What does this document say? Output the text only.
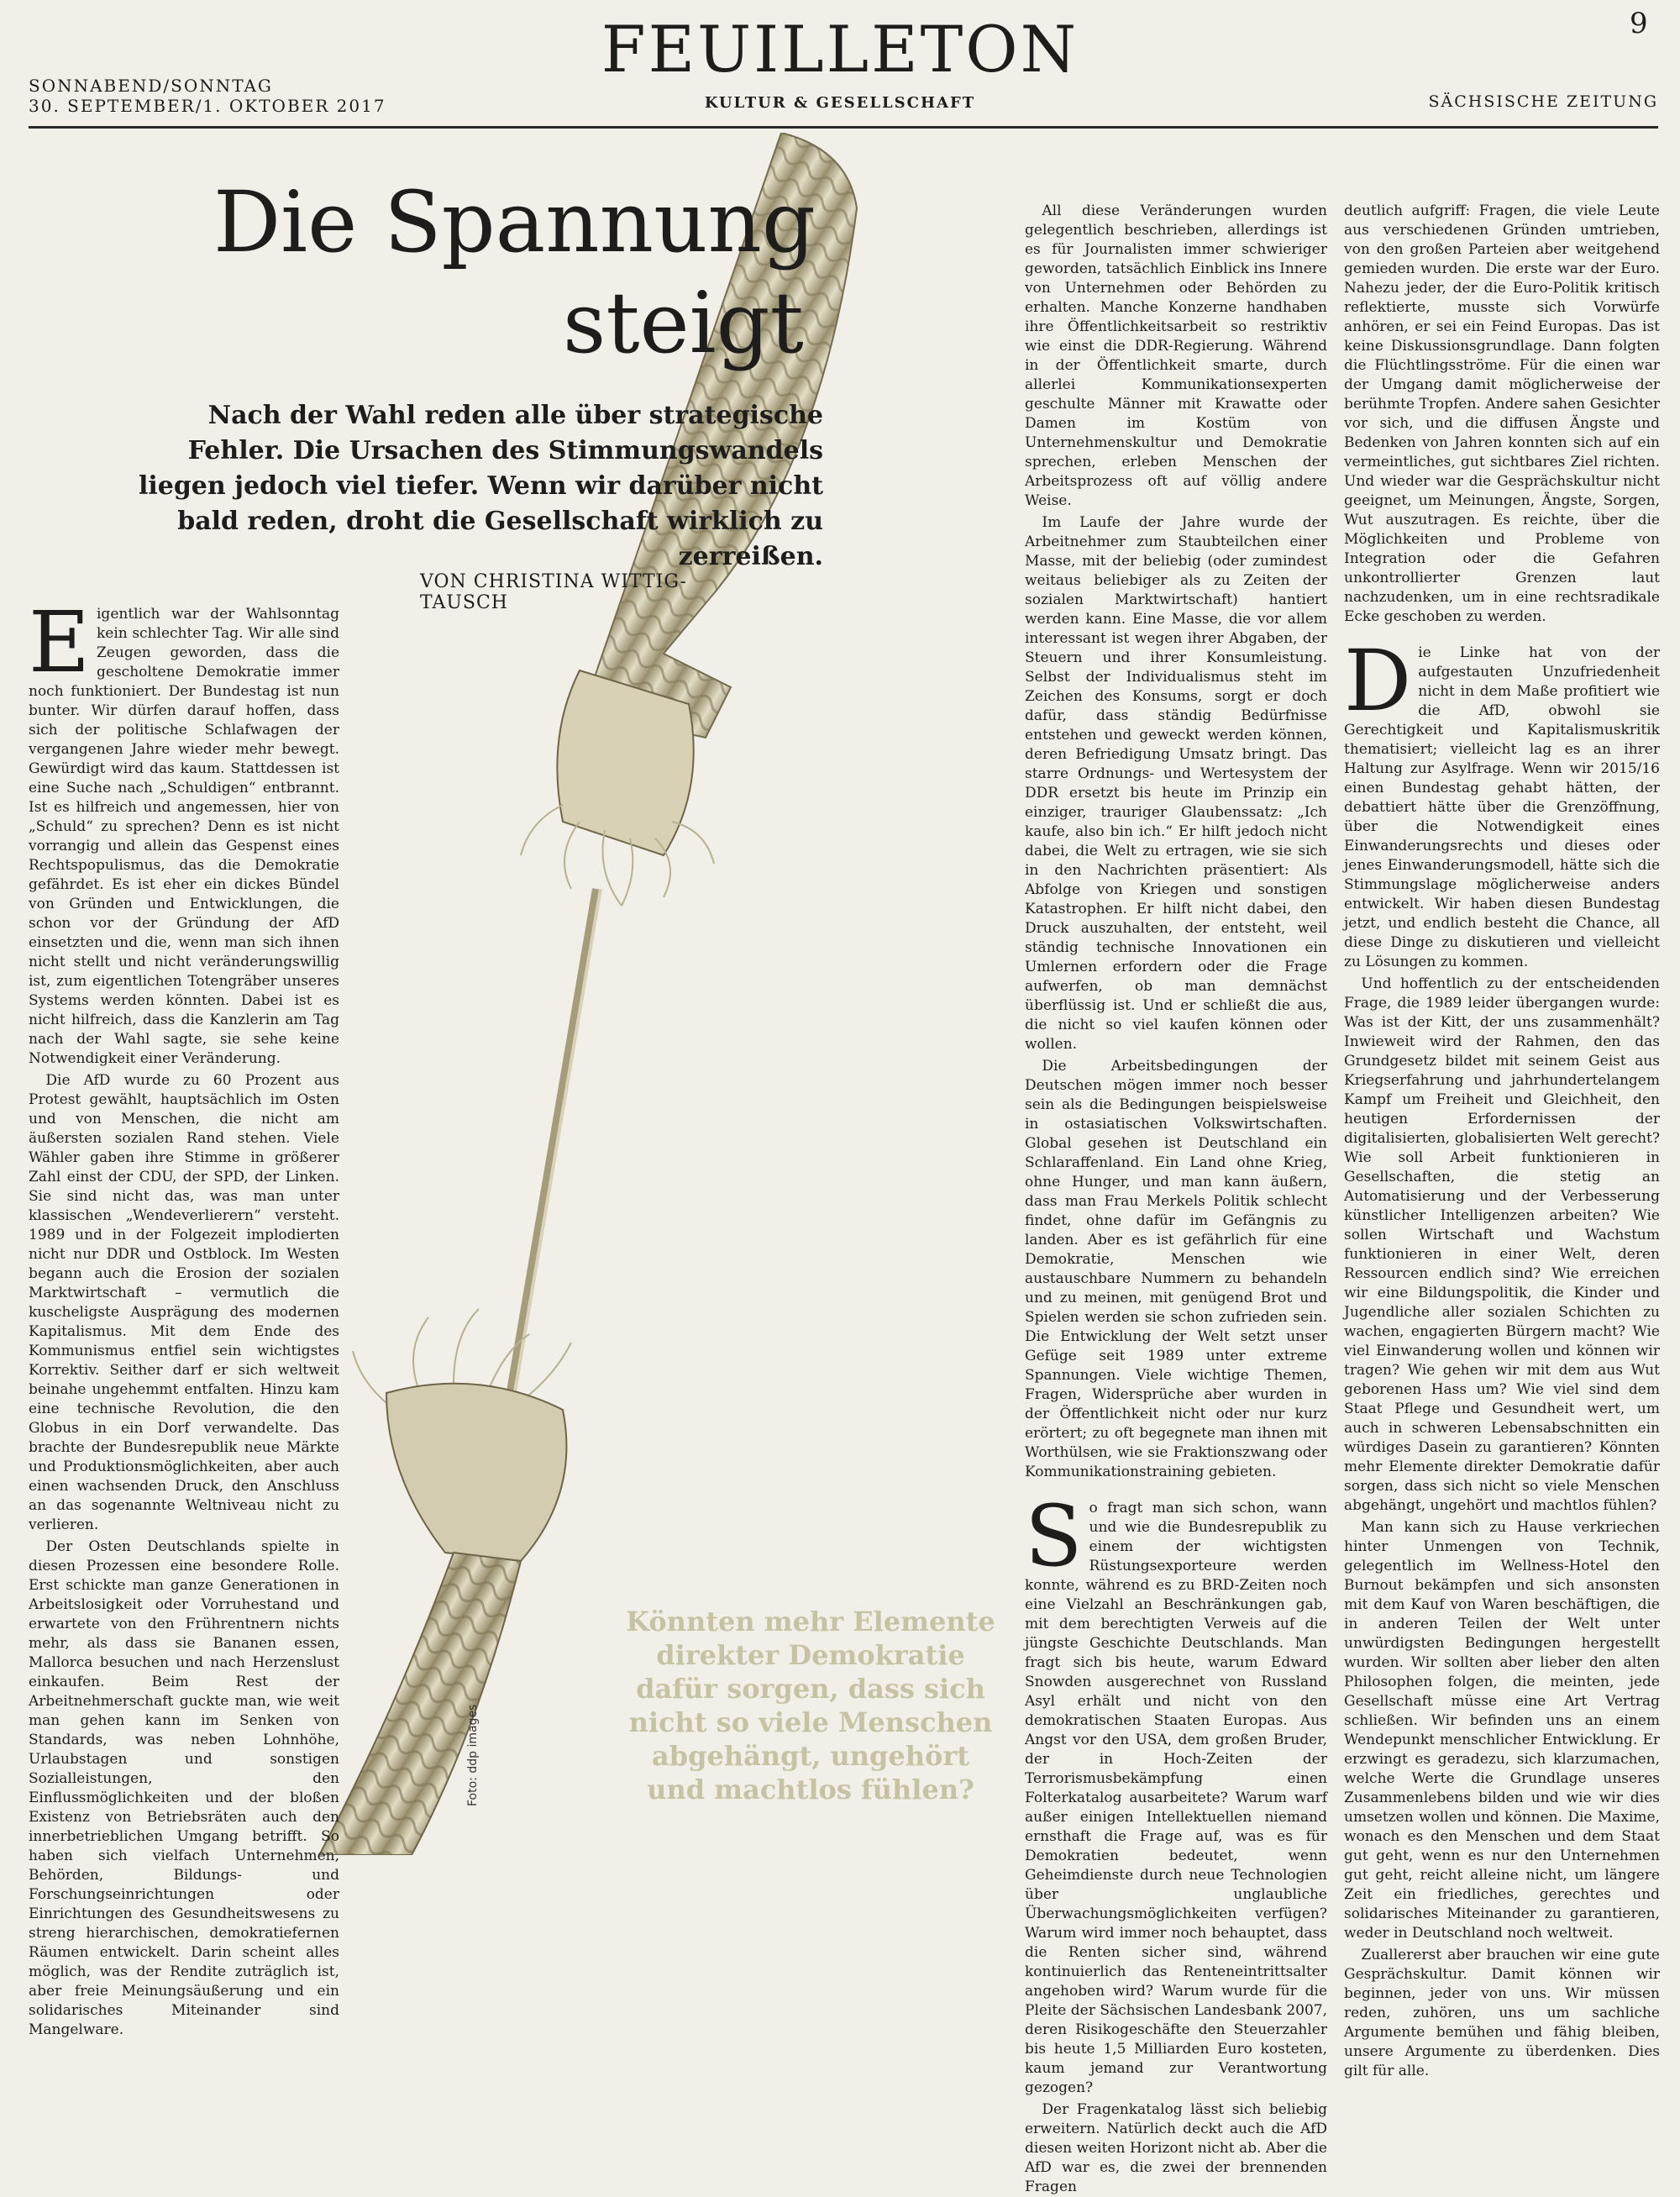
9
SONNABEND/SONNTAG
30. SEPTEMBER/1. OKTOBER 2017
FEUILLETON
KULTUR & GESELLSCHAFT	SÄCHSISCHE ZEITUNG
Foto: ddp images
Die Spannung
steigt

Nach der Wahl reden alle über strategische Fehler. Die Ursachen des Stimmungswandels liegen jedoch viel tiefer. Wenn wir darüber nicht bald reden, droht die Gesellschaft wirklich zu zerreißen.

VON CHRISTINA WITTIG-TAUSCH

Eigentlich war der Wahlsonntag kein schlechter Tag. Wir alle sind Zeugen geworden, dass die gescholtene Demokratie immer noch funktioniert. Der Bundestag ist nun bunter. Wir dürfen darauf hoffen, dass sich der politische Schlafwagen der vergangenen Jahre wieder mehr bewegt. Gewürdigt wird das kaum. Stattdessen ist eine Suche nach „Schuldigen“ entbrannt. Ist es hilfreich und angemessen, hier von „Schuld“ zu sprechen? Denn es ist nicht vorrangig und allein das Gespenst eines Rechtspopulismus, das die Demokratie gefährdet. Es ist eher ein dickes Bündel von Gründen und Entwicklungen, die schon vor der Gründung der AfD einsetzten und die, wenn man sich ihnen nicht stellt und nicht veränderungswillig ist, zum eigentlichen Totengräber unseres Systems werden könnten. Dabei ist es nicht hilfreich, dass die Kanzlerin am Tag nach der Wahl sagte, sie sehe keine Notwendigkeit einer Veränderung.

Die AfD wurde zu 60 Prozent aus Protest gewählt, hauptsächlich im Osten und von Menschen, die nicht am äußersten sozialen Rand stehen. Viele Wähler gaben ihre Stimme in größerer Zahl einst der CDU, der SPD, der Linken. Sie sind nicht das, was man unter klassischen „Wendeverlierern“ versteht. 1989 und in der Folgezeit implodierten nicht nur DDR und Ostblock. Im Westen begann auch die Erosion der sozialen Marktwirtschaft – vermutlich die kuscheligste Ausprägung des modernen Kapitalismus. Mit dem Ende des Kommunismus entfiel sein wichtigstes Korrektiv. Seither darf er sich weltweit beinahe ungehemmt entfalten. Hinzu kam eine technische Revolution, die den Globus in ein Dorf verwandelte. Das brachte der Bundesrepublik neue Märkte und Produktionsmöglichkeiten, aber auch einen wachsenden Druck, den Anschluss an das sogenannte Weltniveau nicht zu verlieren.

Der Osten Deutschlands spielte in diesen Prozessen eine besondere Rolle. Erst schickte man ganze Generationen in Arbeitslosigkeit oder Vorruhestand und erwartete von den Frührentnern nichts mehr, als dass sie Bananen essen, Mallorca besuchen und nach Herzenslust einkaufen. Beim Rest der Arbeitnehmerschaft guckte man, wie weit man gehen kann im Senken von Standards, was neben Lohnhöhe, Urlaubstagen und sonstigen Sozialleistungen, den Einflussmöglichkeiten und der bloßen Existenz von Betriebsräten auch den innerbetrieblichen Umgang betrifft. So haben sich vielfach Unternehmen, Behörden, Bildungs- und Forschungseinrichtungen oder Einrichtungen des Gesundheitswesens zu streng hierarchischen, demokratiefernen Räumen entwickelt. Darin scheint alles möglich, was der Rendite zuträglich ist, aber freie Meinungsäußerung und ein solidarisches Miteinander sind Mangelware.

All diese Veränderungen wurden gelegentlich beschrieben, allerdings ist es für Journalisten immer schwieriger geworden, tatsächlich Einblick ins Innere von Unternehmen oder Behörden zu erhalten. Manche Konzerne handhaben ihre Öffentlichkeitsarbeit so restriktiv wie einst die DDR-Regierung. Während in der Öffentlichkeit smarte, durch allerlei Kommunikationsexperten geschulte Männer mit Krawatte oder Damen im Kostüm von Unternehmenskultur und Demokratie sprechen, erleben Menschen der Arbeitsprozess oft auf völlig andere Weise.

Im Laufe der Jahre wurde der Arbeitnehmer zum Staubteilchen einer Masse, mit der beliebig (oder zumindest weitaus beliebiger als zu Zeiten der sozialen Marktwirtschaft) hantiert werden kann. Eine Masse, die vor allem interessant ist wegen ihrer Abgaben, der Steuern und ihrer Konsumleistung. Selbst der Individualismus steht im Zeichen des Konsums, sorgt er doch dafür, dass ständig Bedürfnisse entstehen und geweckt werden können, deren Befriedigung Umsatz bringt. Das starre Ordnungs- und Wertesystem der DDR ersetzt bis heute im Prinzip ein einziger, trauriger Glaubenssatz: „Ich kaufe, also bin ich.“ Er hilft jedoch nicht dabei, die Welt zu ertragen, wie sie sich in den Nachrichten präsentiert: Als Abfolge von Kriegen und sonstigen Katastrophen. Er hilft nicht dabei, den Druck auszuhalten, der entsteht, weil ständig technische Innovationen ein Umlernen erfordern oder die Frage aufwerfen, ob man demnächst überflüssig ist. Und er schließt die aus, die nicht so viel kaufen können oder wollen.

Die Arbeitsbedingungen der Deutschen mögen immer noch besser sein als die Bedingungen beispielsweise in ostasiatischen Volkswirtschaften. Global gesehen ist Deutschland ein Schlaraffenland. Ein Land ohne Krieg, ohne Hunger, und man kann äußern, dass man Frau Merkels Politik schlecht findet, ohne dafür im Gefängnis zu landen. Aber es ist gefährlich für eine Demokratie, Menschen wie austauschbare Nummern zu behandeln und zu meinen, mit genügend Brot und Spielen werden sie schon zufrieden sein. Die Entwicklung der Welt setzt unser Gefüge seit 1989 unter extreme Spannungen. Viele wichtige Themen, Fragen, Widersprüche aber wurden in der Öffentlichkeit nicht oder nur kurz erörtert; zu oft begegnete man ihnen mit Worthülsen, wie sie Fraktionszwang oder Kommunikationstraining gebieten.

So fragt man sich schon, wann und wie die Bundesrepublik zu einem der wichtigsten Rüstungsexporteure werden konnte, während es zu BRD-Zeiten noch eine Vielzahl an Beschränkungen gab, mit dem berechtigten Verweis auf die jüngste Geschichte Deutschlands. Man fragt sich bis heute, warum Edward Snowden ausgerechnet von Russland Asyl erhält und nicht von den demokratischen Staaten Europas. Aus Angst vor den USA, dem großen Bruder, der in Hoch-Zeiten der Terrorismusbekämpfung einen Folterkatalog ausarbeitete? Warum warf außer einigen Intellektuellen niemand ernsthaft die Frage auf, was es für Demokratien bedeutet, wenn Geheimdienste durch neue Technologien über unglaubliche Überwachungsmöglichkeiten verfügen? Warum wird immer noch behauptet, dass die Renten sicher sind, während kontinuierlich das Renteneintrittsalter angehoben wird? Warum wurde für die Pleite der Sächsischen Landesbank 2007, deren Risikogeschäfte den Steuerzahler bis heute 1,5 Milliarden Euro kosteten, kaum jemand zur Verantwortung gezogen?

Der Fragenkatalog lässt sich beliebig erweitern. Natürlich deckt auch die AfD diesen weiten Horizont nicht ab. Aber die AfD war es, die zwei der brennenden Fragen

deutlich aufgriff: Fragen, die viele Leute aus verschiedenen Gründen umtrieben, von den großen Parteien aber weitgehend gemieden wurden. Die erste war der Euro. Nahezu jeder, der die Euro-Politik kritisch reflektierte, musste sich Vorwürfe anhören, er sei ein Feind Europas. Das ist keine Diskussionsgrundlage. Dann folgten die Flüchtlingsströme. Für die einen war der Umgang damit möglicherweise der berühmte Tropfen. Andere sahen Gesichter vor sich, und die diffusen Ängste und Bedenken von Jahren konnten sich auf ein vermeintliches, gut sichtbares Ziel richten. Und wieder war die Gesprächskultur nicht geeignet, um Meinungen, Ängste, Sorgen, Wut auszutragen. Es reichte, über die Möglichkeiten und Probleme von Integration oder die Gefahren unkontrollierter Grenzen laut nachzudenken, um in eine rechtsradikale Ecke geschoben zu werden.

Die Linke hat von der aufgestauten Unzufriedenheit nicht in dem Maße profitiert wie die AfD, obwohl sie Gerechtigkeit und Kapitalismuskritik thematisiert; vielleicht lag es an ihrer Haltung zur Asylfrage. Wenn wir 2015/16 einen Bundestag gehabt hätten, der debattiert hätte über die Grenzöffnung, über die Notwendigkeit eines Einwanderungsrechts und dieses oder jenes Einwanderungsmodell, hätte sich die Stimmungslage möglicherweise anders entwickelt. Wir haben diesen Bundestag jetzt, und endlich besteht die Chance, all diese Dinge zu diskutieren und vielleicht zu Lösungen zu kommen.

Und hoffentlich zu der entscheidenden Frage, die 1989 leider übergangen wurde: Was ist der Kitt, der uns zusammenhält? Inwieweit wird der Rahmen, den das Grundgesetz bildet mit seinem Geist aus Kriegserfahrung und jahrhundertelangem Kampf um Freiheit und Gleichheit, den heutigen Erfordernissen der digitalisierten, globalisierten Welt gerecht? Wie soll Arbeit funktionieren in Gesellschaften, die stetig an Automatisierung und der Verbesserung künstlicher Intelligenzen arbeiten? Wie sollen Wirtschaft und Wachstum funktionieren in einer Welt, deren Ressourcen endlich sind? Wie erreichen wir eine Bildungspolitik, die Kinder und Jugendliche aller sozialen Schichten zu wachen, engagierten Bürgern macht? Wie viel Einwanderung wollen und können wir tragen? Wie gehen wir mit dem aus Wut geborenen Hass um? Wie viel sind dem Staat Pflege und Gesundheit wert, um auch in schweren Lebensabschnitten ein würdiges Dasein zu garantieren? Könnten mehr Elemente direkter Demokratie dafür sorgen, dass sich nicht so viele Menschen abgehängt, ungehört und machtlos fühlen?

Man kann sich zu Hause verkriechen hinter Unmengen von Technik, gelegentlich im Wellness-Hotel den Burnout bekämpfen und sich ansonsten mit dem Kauf von Waren beschäftigen, die in anderen Teilen der Welt unter unwürdigsten Bedingungen hergestellt wurden. Wir sollten aber lieber den alten Philosophen folgen, die meinten, jede Gesellschaft müsse eine Art Vertrag schließen. Wir befinden uns an einem Wendepunkt menschlicher Entwicklung. Er erzwingt es geradezu, sich klarzumachen, welche Werte die Grundlage unseres Zusammenlebens bilden und wie wir dies umsetzen wollen und können. Die Maxime, wonach es den Menschen und dem Staat gut geht, wenn es nur den Unternehmen gut geht, reicht alleine nicht, um längere Zeit ein friedliches, gerechtes und solidarisches Miteinander zu garantieren, weder in Deutschland noch weltweit.

Zuallererst aber brauchen wir eine gute Gesprächskultur. Damit können wir beginnen, jeder von uns. Wir müssen reden, zuhören, uns um sachliche Argumente bemühen und fähig bleiben, unsere Argumente zu überdenken. Dies gilt für alle.

Könnten mehr Elemente direkter Demokratie dafür sorgen, dass sich nicht so viele Menschen abgehängt, ungehört und machtlos fühlen?
